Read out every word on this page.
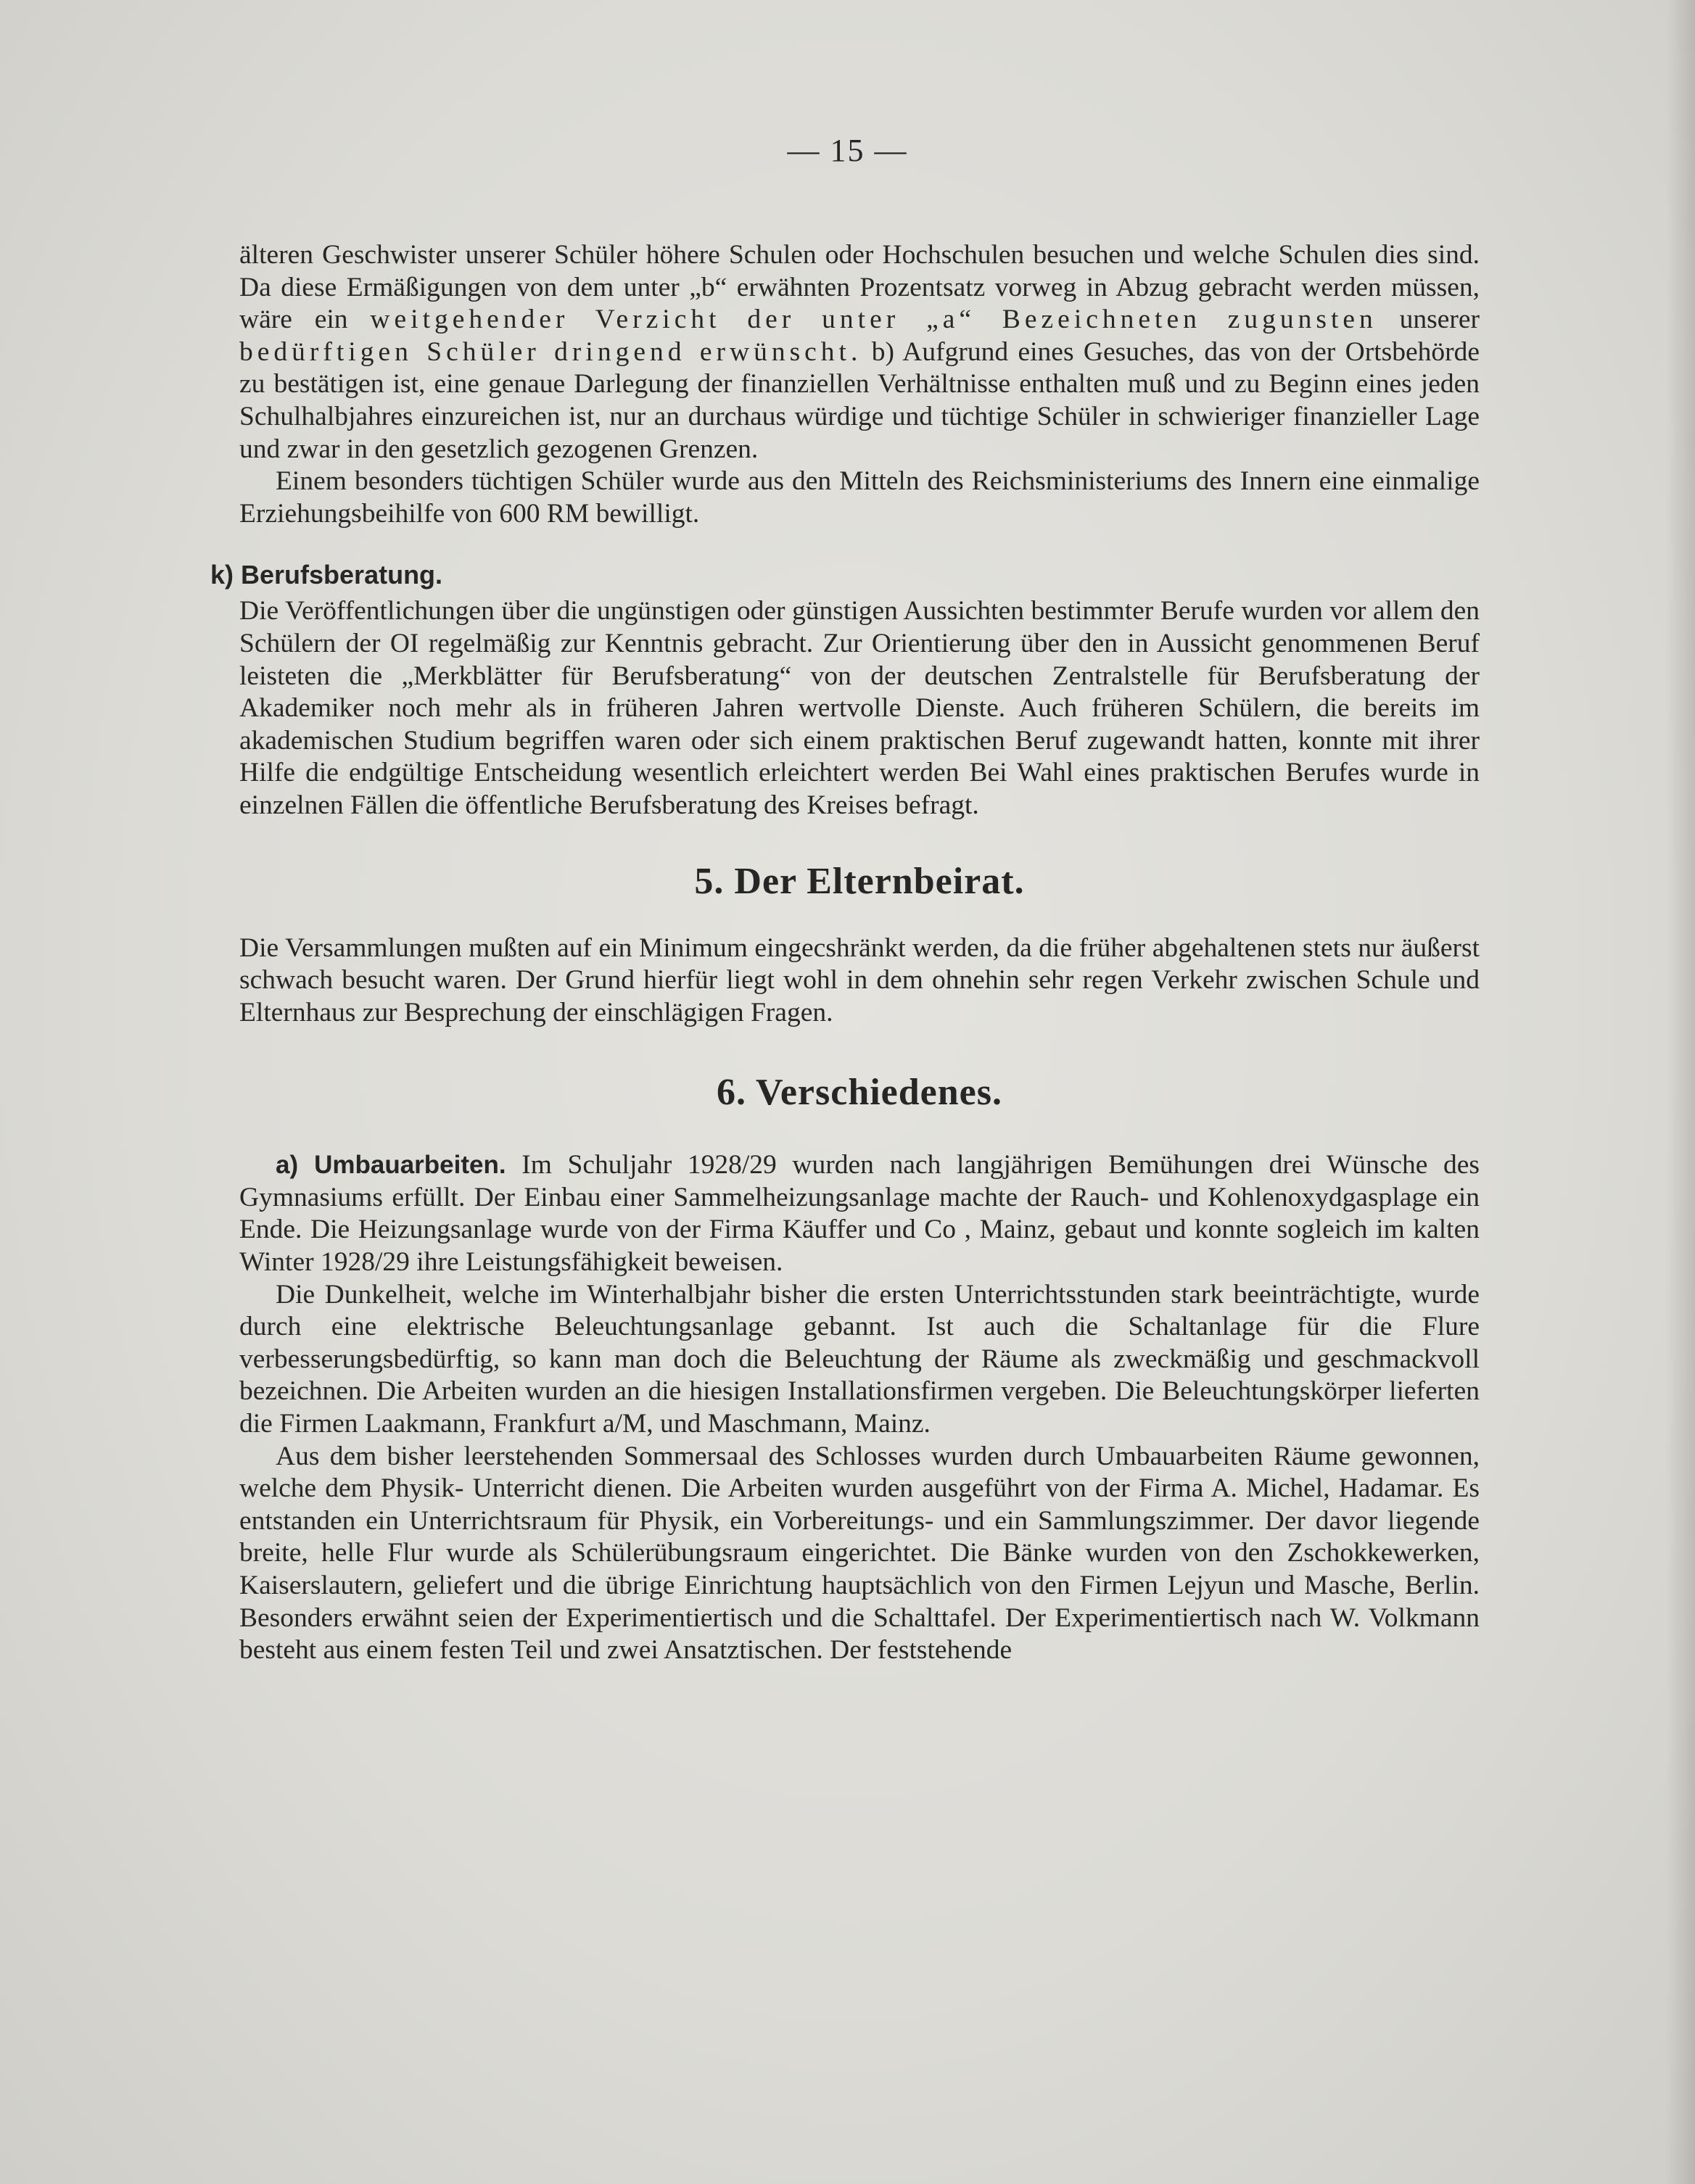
— 15 —

älteren Geschwister unserer Schüler höhere Schulen oder Hochschulen besuchen und welche Schulen dies sind. Da diese Ermäßigungen von dem unter „b“ erwähnten Prozentsatz vorweg in Abzug gebracht werden müssen, wäre ein weitgehender Verzicht der unter „a“ Bezeichneten zugunsten unserer bedürftigen Schüler dringend erwünscht. b) Aufgrund eines Gesuches, das von der Ortsbehörde zu bestätigen ist, eine genaue Darlegung der finanziellen Verhältnisse enthalten muß und zu Beginn eines jeden Schulhalbjahres einzureichen ist, nur an durchaus würdige und tüchtige Schüler in schwieriger finanzieller Lage und zwar in den gesetzlich gezogenen Grenzen.

Einem besonders tüchtigen Schüler wurde aus den Mitteln des Reichsministeriums des Innern eine einmalige Erziehungsbeihilfe von 600 RM bewilligt.

k) Berufsberatung.

Die Veröffentlichungen über die ungünstigen oder günstigen Aussichten bestimmter Berufe wurden vor allem den Schülern der OI regelmäßig zur Kenntnis gebracht. Zur Orientierung über den in Aussicht genommenen Beruf leisteten die „Merkblätter für Berufsberatung“ von der deutschen Zentralstelle für Berufsberatung der Akademiker noch mehr als in früheren Jahren wertvolle Dienste. Auch früheren Schülern, die bereits im akademischen Studium begriffen waren oder sich einem praktischen Beruf zugewandt hatten, konnte mit ihrer Hilfe die endgültige Entscheidung wesentlich erleichtert werden Bei Wahl eines praktischen Berufes wurde in einzelnen Fällen die öffentliche Berufsberatung des Kreises befragt.

5. Der Elternbeirat.

Die Versammlungen mußten auf ein Minimum eingecshränkt werden, da die früher abgehaltenen stets nur äußerst schwach besucht waren. Der Grund hierfür liegt wohl in dem ohnehin sehr regen Verkehr zwischen Schule und Elternhaus zur Besprechung der einschlägigen Fragen.

6. Verschiedenes.

a) Umbauarbeiten. Im Schuljahr 1928/29 wurden nach langjährigen Bemühungen drei Wünsche des Gymnasiums erfüllt. Der Einbau einer Sammelheizungsanlage machte der Rauch- und Kohlenoxydgasplage ein Ende. Die Heizungsanlage wurde von der Firma Käuffer und Co , Mainz, gebaut und konnte sogleich im kalten Winter 1928/29 ihre Leistungsfähigkeit beweisen.

Die Dunkelheit, welche im Winterhalbjahr bisher die ersten Unterrichtsstunden stark beeinträchtigte, wurde durch eine elektrische Beleuchtungsanlage gebannt. Ist auch die Schaltanlage für die Flure verbesserungsbedürftig, so kann man doch die Beleuchtung der Räume als zweckmäßig und geschmackvoll bezeichnen. Die Arbeiten wurden an die hiesigen Installationsfirmen vergeben. Die Beleuchtungskörper lieferten die Firmen Laakmann, Frankfurt a/M, und Maschmann, Mainz.

Aus dem bisher leerstehenden Sommersaal des Schlosses wurden durch Umbauarbeiten Räume gewonnen, welche dem Physik- Unterricht dienen. Die Arbeiten wurden ausgeführt von der Firma A. Michel, Hadamar. Es entstanden ein Unterrichtsraum für Physik, ein Vorbereitungs- und ein Sammlungszimmer. Der davor liegende breite, helle Flur wurde als Schülerübungsraum eingerichtet. Die Bänke wurden von den Zschokkewerken, Kaiserslautern, geliefert und die übrige Einrichtung hauptsächlich von den Firmen Lejyun und Masche, Berlin. Besonders erwähnt seien der Experimentiertisch und die Schalttafel. Der Experimentiertisch nach W. Volkmann besteht aus einem festen Teil und zwei Ansatztischen. Der feststehende
